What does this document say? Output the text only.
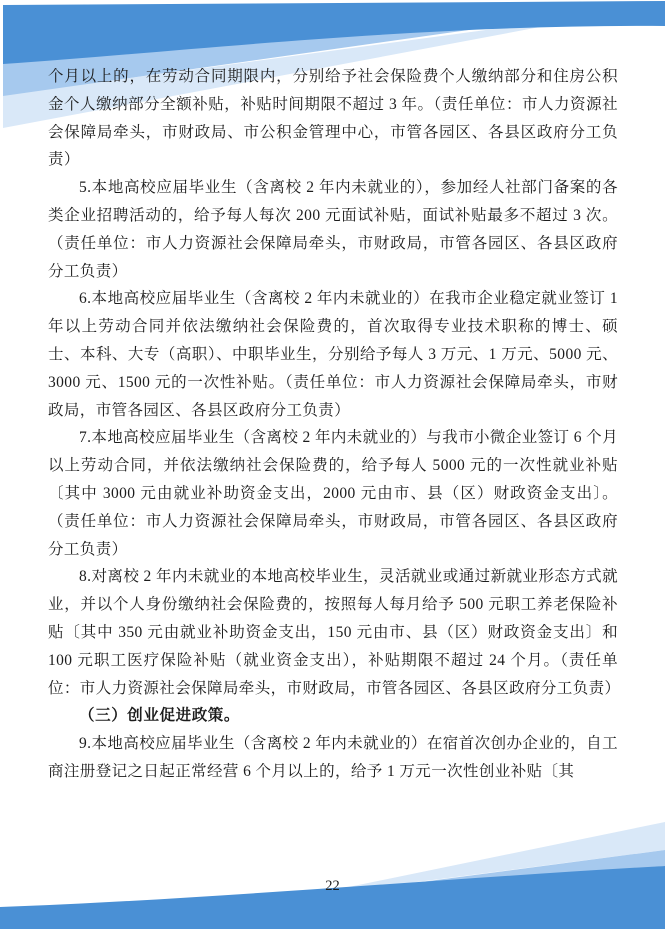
个月以上的，在劳动合同期限内，分别给予社会保险费个人缴纳部分和住房公积金个人缴纳部分全额补贴，补贴时间期限不超过 3 年。（责任单位：市人力资源社会保障局牵头，市财政局、市公积金管理中心，市管各园区、各县区政府分工负责）

5.本地高校应届毕业生（含离校 2 年内未就业的），参加经人社部门备案的各类企业招聘活动的，给予每人每次 200 元面试补贴，面试补贴最多不超过 3 次。（责任单位：市人力资源社会保障局牵头，市财政局，市管各园区、各县区政府分工负责）

6.本地高校应届毕业生（含离校 2 年内未就业的）在我市企业稳定就业签订 1 年以上劳动合同并依法缴纳社会保险费的，首次取得专业技术职称的博士、硕士、本科、大专（高职）、中职毕业生，分别给予每人 3 万元、1 万元、5000 元、3000 元、1500 元的一次性补贴。（责任单位：市人力资源社会保障局牵头，市财政局，市管各园区、各县区政府分工负责）

7.本地高校应届毕业生（含离校 2 年内未就业的）与我市小微企业签订 6 个月以上劳动合同，并依法缴纳社会保险费的，给予每人 5000 元的一次性就业补贴〔其中 3000 元由就业补助资金支出，2000 元由市、县（区）财政资金支出〕。（责任单位：市人力资源社会保障局牵头，市财政局，市管各园区、各县区政府分工负责）

8.对离校 2 年内未就业的本地高校毕业生，灵活就业或通过新就业形态方式就业，并以个人身份缴纳社会保险费的，按照每人每月给予 500 元职工养老保险补贴〔其中 350 元由就业补助资金支出，150 元由市、县（区）财政资金支出〕和 100 元职工医疗保险补贴（就业资金支出），补贴期限不超过 24 个月。（责任单位：市人力资源社会保障局牵头，市财政局，市管各园区、各县区政府分工负责）

（三）创业促进政策。

9.本地高校应届毕业生（含离校 2 年内未就业的）在宿首次创办企业的，自工商注册登记之日起正常经营 6 个月以上的，给予 1 万元一次性创业补贴〔其

22
